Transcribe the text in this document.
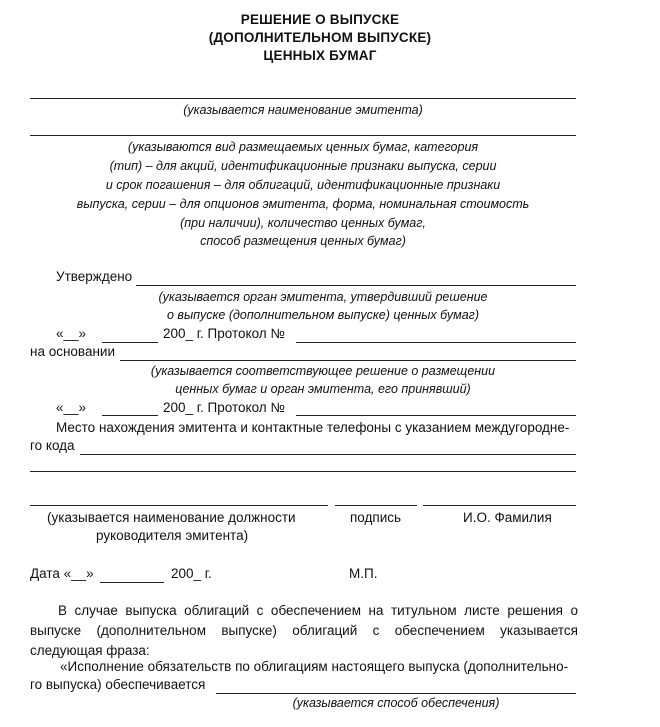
РЕШЕНИЕ О ВЫПУСКЕ
(ДОПОЛНИТЕЛЬНОМ ВЫПУСКЕ)
ЦЕННЫХ БУМАГ
(указывается наименование эмитента)
(указываются вид размещаемых ценных бумаг, категория
(тип) – для акций, идентификационные признаки выпуска, серии
и срок погашения – для облигаций, идентификационные признаки
выпуска, серии – для опционов эмитента, форма, номинальная стоимость
(при наличии), количество ценных бумаг,
способ размещения ценных бумаг)
Утверждено
(указывается орган эмитента, утвердивший решение
о выпуске (дополнительном выпуске) ценных бумаг)
«__»	200_ г. Протокол №
на основании
(указывается соответствующее решение о размещении
ценных бумаг и орган эмитента, его принявший)
«__»	200_ г. Протокол №
Место нахождения эмитента и контактные телефоны с указанием междугородне-
го кода
(указывается наименование должности
руководителя эмитента)
подпись	И.О. Фамилия
Дата «__»	200_ г.	М.П.
В случае выпуска облигаций с обеспечением на титульном листе решения о выпуске (дополнительном выпуске) облигаций с обеспечением указывается следующая фраза:
«Исполнение обязательств по облигациям настоящего выпуска (дополнительно-
го выпуска) обеспечивается
(указывается способ обеспечения)
